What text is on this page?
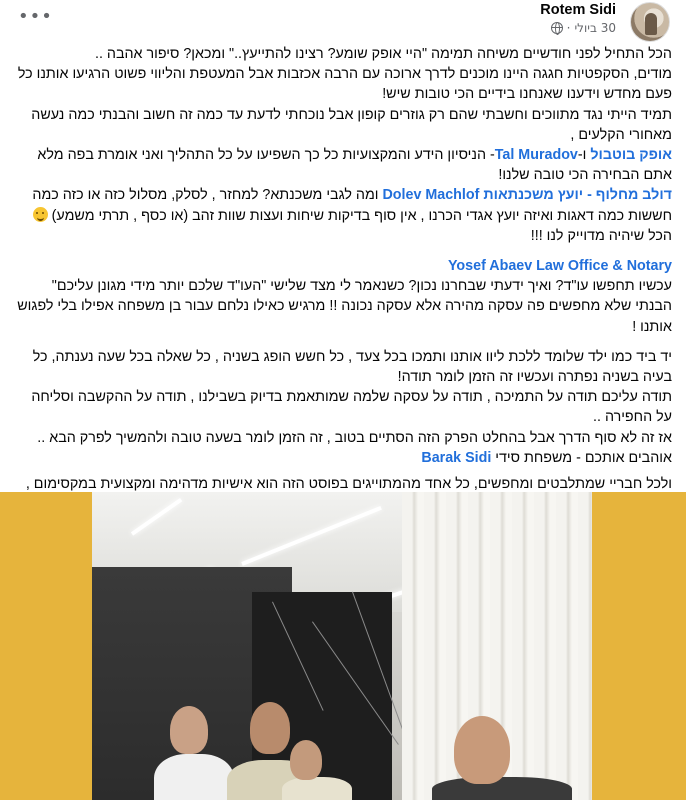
•••	Rotem Sidi
30 ביולי
·

הכל התחיל לפני חודשיים משיחה תמימה "היי אופק שומע? רצינו להתייעץ.." ומכאן? סיפור אהבה ..

מודים, הסקפטיות חגגה היינו מוכנים לדרך ארוכה עם הרבה אכזבות אבל המעטפת והליווי פשוט הרגיעו אותנו כל פעם מחדש וידענו שאנחנו בידיים הכי טובות שיש!

תמיד הייתי נגד מתווכים וחשבתי שהם רק גוזרים קופון אבל נוכחתי לדעת עד כמה זה חשוב והבנתי כמה נעשה מאחורי הקלעים ,

אופק בוטבול ו-Tal Muradov- הניסיון הידע והמקצועיות כל כך השפיעו על כל התהליך ואני אומרת בפה מלא אתם הבחירה הכי טובה שלנו!

דולב מחלוף - יועץ משכנתאות Dolev Machlof ומה לגבי משכנתא? למחזר , לסלק, מסלול כזה או כזה כמה חששות כמה דאגות ואיזה יועץ אגדי הכרנו , אין סוף בדיקות שיחות ועצות שוות זהב (או כסף , תרתי משמע)
הכל שיהיה מדוייק לנו !!!

Yosef Abaev Law Office & Notary
עכשיו תחפשו עו"ד? ואיך ידעתי שבחרנו נכון? כשנאמר לי מצד שלישי "העו"ד שלכם יותר מידי מגונן עליכם" הבנתי שלא מחפשים פה עסקה מהירה אלא עסקה נכונה !! מרגיש כאילו נלחם עבור בן משפחה אפילו בלי לפגוש אותנו !

יד ביד כמו ילד שלומד ללכת ליוו אותנו ותמכו בכל צעד , כל חשש הופג בשניה , כל שאלה בכל שעה נענתה, כל בעיה בשניה נפתרה ועכשיו זה הזמן לומר תודה!

תודה עליכם תודה על התמיכה , תודה על עסקה שלמה שמותאמת בדיוק בשבילנו , תודה על ההקשבה וסליחה על החפירה ..

אז זה לא סוף הדרך אבל בהחלט הפרק הזה הסתיים בטוב , זה הזמן לומר בשעה טובה ולהמשיך לפרק הבא ..

אוהבים אותכם - משפחת סידי Barak Sidi

ולכל חבריי שמתלבטים ומחפשים, כל אחד מהמתוייגים בפוסט הזה הוא אישיות מדהימה ומקצועית במקסימום ,
